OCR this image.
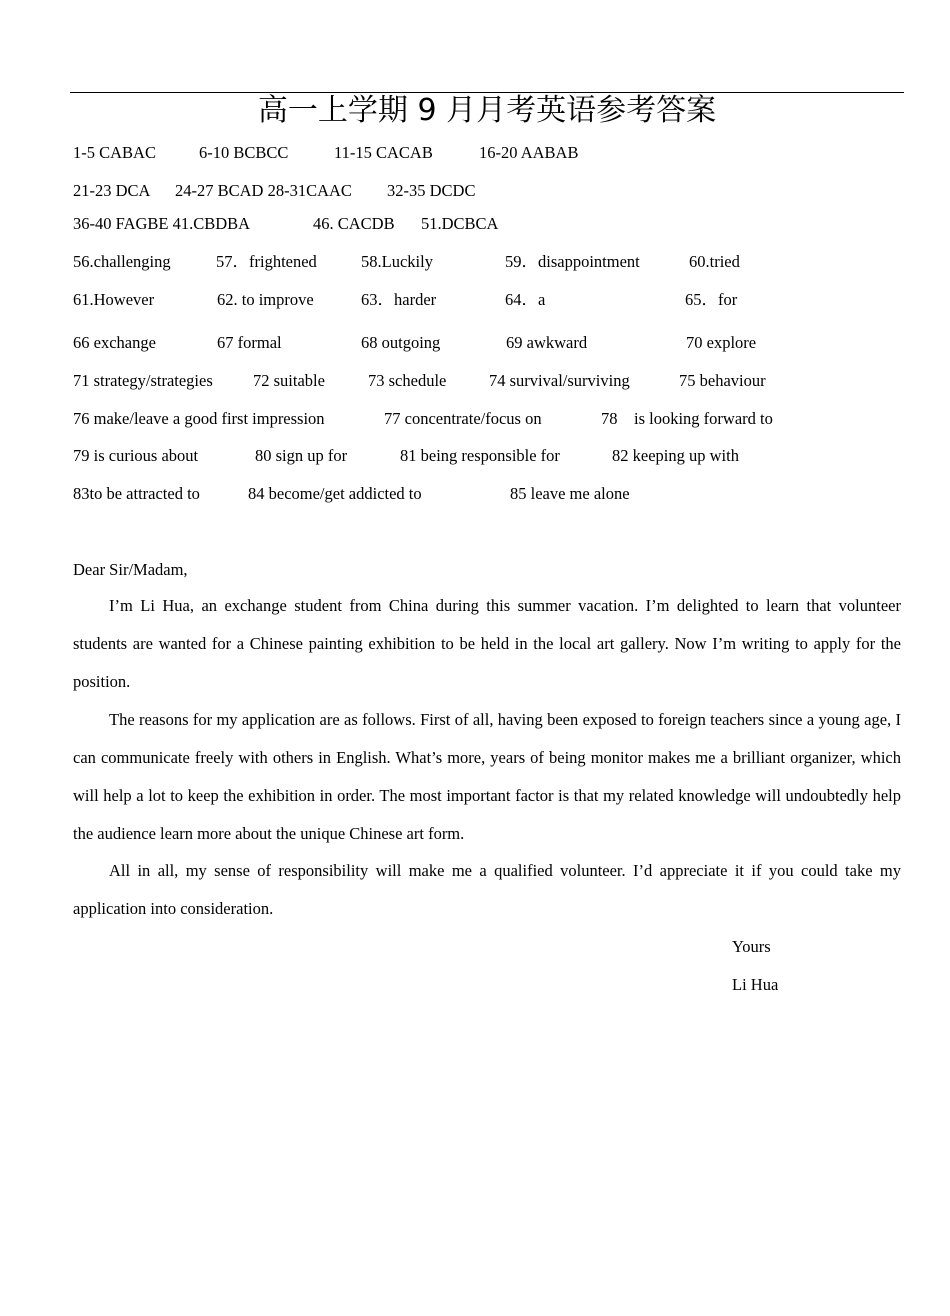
高一上学期 9 月月考英语参考答案
1-5 CABAC	6-10 BCBCC	11-15 CACAB	16-20 AABAB
21-23 DCA 24-27 BCAD 28-31CAAC 32-35 DCDC
36-40 FAGBE 41.CBDBA	46. CACDB 51.DCBCA
56.challenging	57．frightened	58.Luckily	59．disappointment	60.tried
61.However	62. to improve	63．harder	64．a	65．for
66 exchange	67 formal	68 outgoing	69 awkward	70 explore
71 strategy/strategies 72 suitable	73 schedule	74 survival/surviving	75 behaviour
76 make/leave a good first impression	77 concentrate/focus on	78　is looking forward to
79 is curious about	80 sign up for	81 being responsible for	82 keeping up with
83to be attracted to	84 become/get addicted to	85 leave me alone
Dear Sir/Madam,
I’m Li Hua, an exchange student from China during this summer vacation. I’m delighted to learn that volunteer students are wanted for a Chinese painting exhibition to be held in the local art gallery. Now I’m writing to apply for the position.
The reasons for my application are as follows. First of all, having been exposed to foreign teachers since a young age, I can communicate freely with others in English. What’s more, years of being monitor makes me a brilliant organizer, which will help a lot to keep the exhibition in order. The most important factor is that my related knowledge will undoubtedly help the audience learn more about the unique Chinese art form.
All in all, my sense of responsibility will make me a qualified volunteer. I’d appreciate it if you could take my application into consideration.
Yours
Li Hua
